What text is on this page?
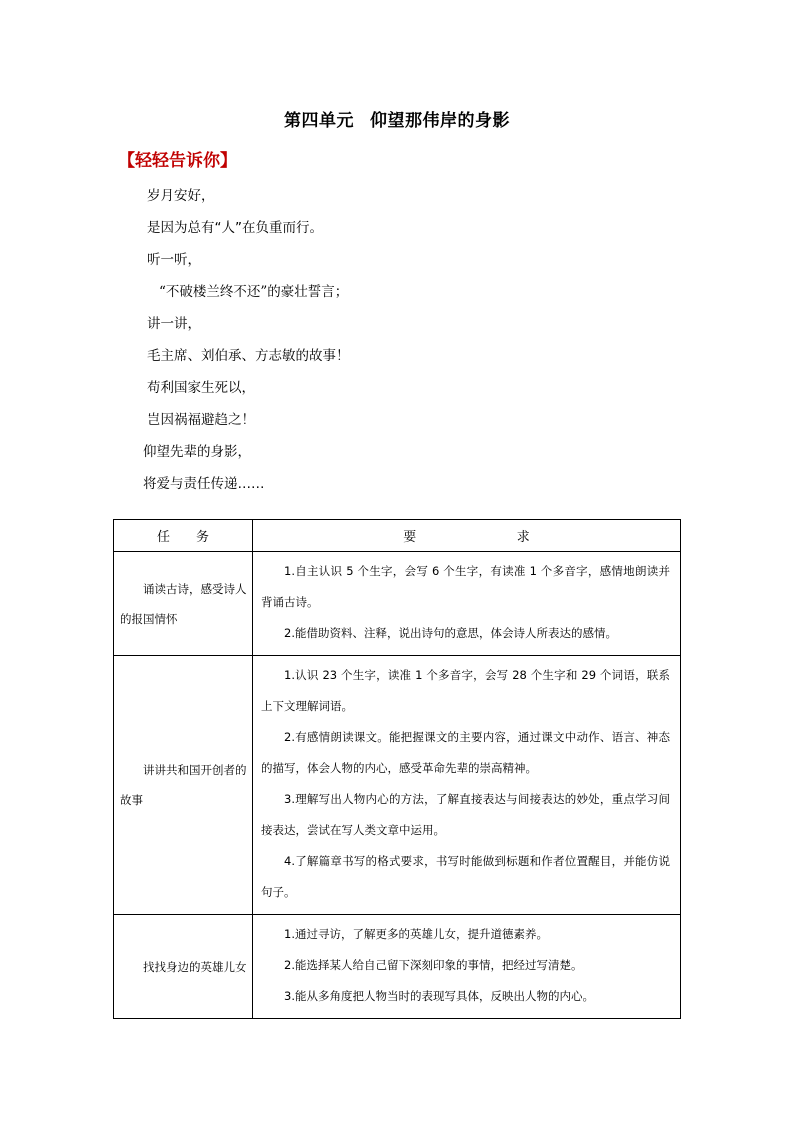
第四单元 仰望那伟岸的身影
【轻轻告诉你】
岁月安好，
是因为总有“人”在负重而行。
听一听，
“不破楼兰终不还”的豪壮誓言；
讲一讲，
毛主席、刘伯承、方志敏的故事！
苟利国家生死以，
岂因祸福避趋之！
仰望先辈的身影，
将爱与责任传递……
任 务	要 求

诵读古诗，感受诗人的报国情怀	1.自主认识 5 个生字，会写 6 个生字，有读准 1 个多音字，感情地朗读并背诵古诗。

2.能借助资料、注释，说出诗句的意思，体会诗人所表达的感情。

讲讲共和国开创者的故事	1.认识 23 个生字，读准 1 个多音字，会写 28 个生字和 29 个词语，联系上下文理解词语。

2.有感情朗读课文。能把握课文的主要内容，通过课文中动作、语言、神态的描写，体会人物的内心，感受革命先辈的崇高精神。

3.理解写出人物内心的方法，了解直接表达与间接表达的妙处，重点学习间接表达，尝试在写人类文章中运用。

4.了解篇章书写的格式要求，书写时能做到标题和作者位置醒目，并能仿说句子。

找找身边的英雄儿女	1.通过寻访，了解更多的英雄儿女，提升道德素养。

2.能选择某人给自己留下深刻印象的事情，把经过写清楚。

3.能从多角度把人物当时的表现写具体，反映出人物的内心。
